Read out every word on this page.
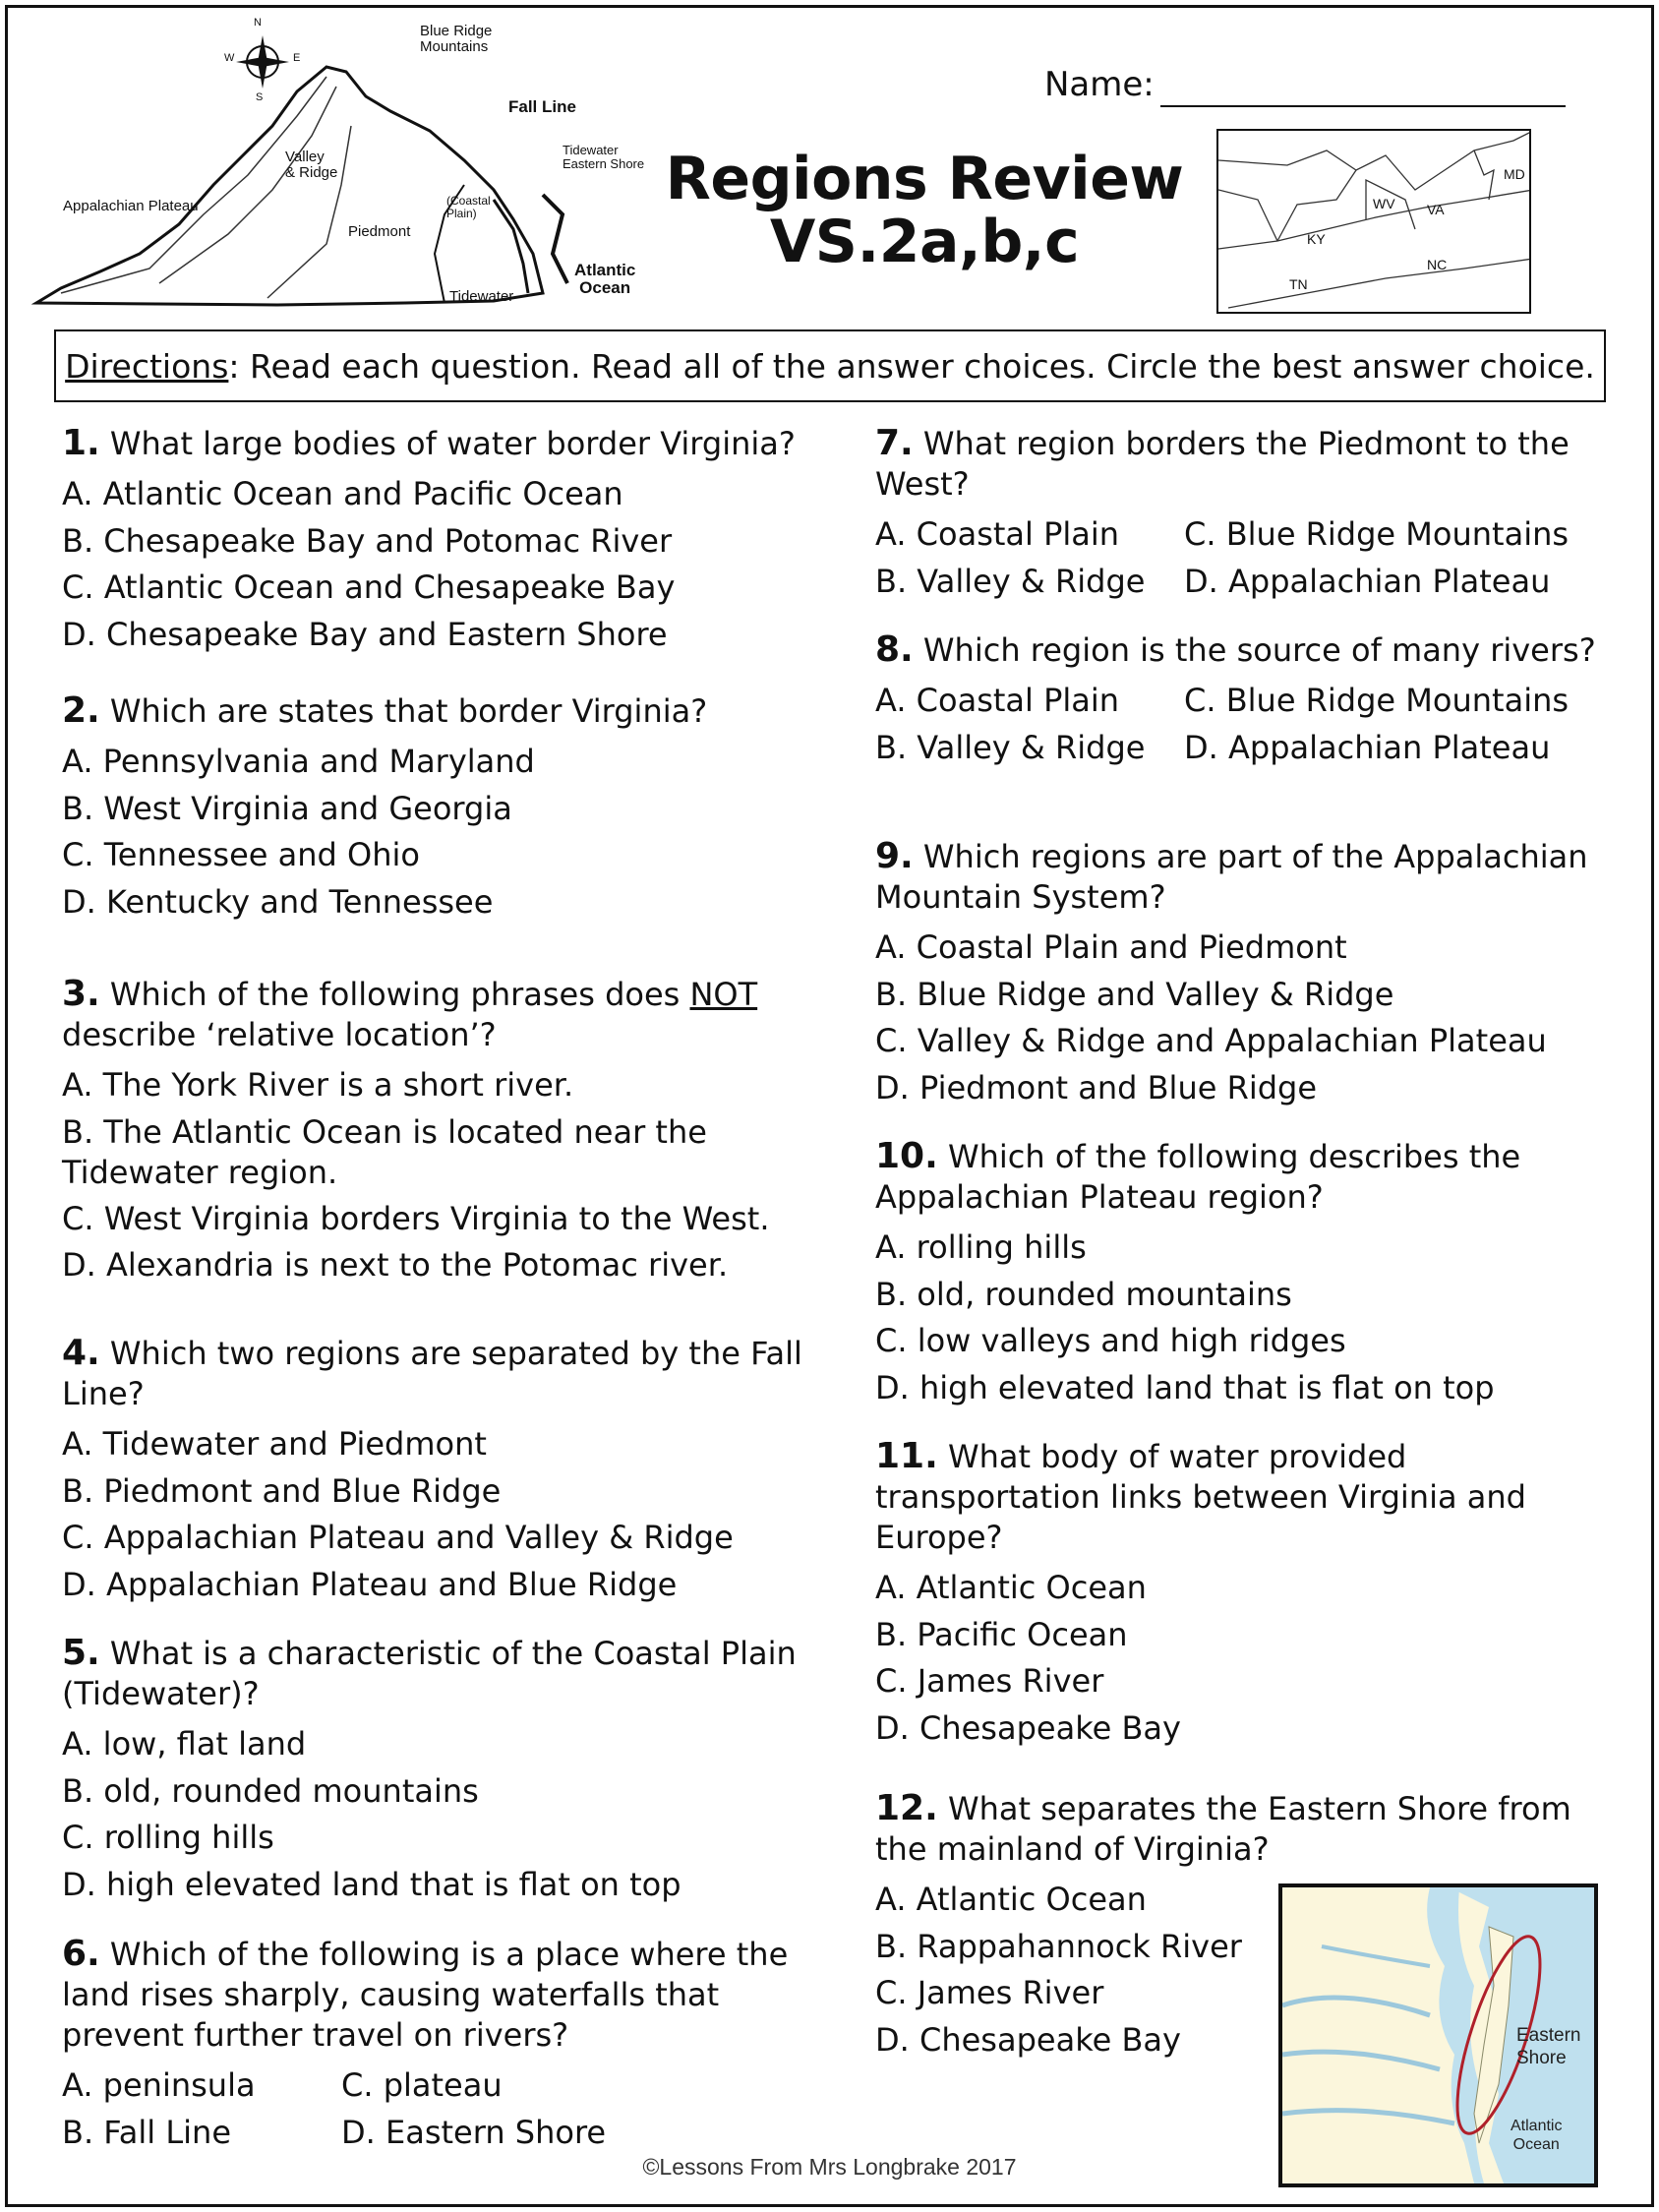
N
S
E
W
Blue Ridge
Mountains
Fall Line
Tidewater
Eastern Shore
Valley
& Ridge
Appalachian Plateau
Piedmont
(Coastal
Plain)
Atlantic
Ocean
Tidewater
Name:
Regions Review
VS.2a,b,c
MD
WV VA
KY
NC
TN
Directions : Read each question. Read all of the answer choices. Circle the best answer choice.
1. What large bodies of water border Virginia?
A. Atlantic Ocean and Pacific Ocean
B. Chesapeake Bay and Potomac River
C. Atlantic Ocean and Chesapeake Bay
D. Chesapeake Bay and Eastern Shore
2. Which are states that border Virginia?
A. Pennsylvania and Maryland
B. West Virginia and Georgia
C. Tennessee and Ohio
D. Kentucky and Tennessee
3. Which of the following phrases does NOT
describe ‘relative location’?
A. The York River is a short river.
B. The Atlantic Ocean is located near the Tidewater region.
C. West Virginia borders Virginia to the West.
D. Alexandria is next to the Potomac river.
4. Which two regions are separated by the Fall Line?
A. Tidewater and Piedmont
B. Piedmont and Blue Ridge
C. Appalachian Plateau and Valley & Ridge
D. Appalachian Plateau and Blue Ridge
5. What is a characteristic of the Coastal Plain (Tidewater)?
A. low, flat land
B. old, rounded mountains
C. rolling hills
D. high elevated land that is flat on top
6. Which of the following is a place where the land rises sharply, causing waterfalls that prevent further travel on rivers?
A. peninsula	C. plateau
B. Fall Line	D. Eastern Shore
7. What region borders the Piedmont to the West?
A. Coastal Plain	C. Blue Ridge Mountains
B. Valley & Ridge	D. Appalachian Plateau
8. Which region is the source of many rivers?
A. Coastal Plain	C. Blue Ridge Mountains
B. Valley & Ridge	D. Appalachian Plateau
9. Which regions are part of the Appalachian Mountain System?
A. Coastal Plain and Piedmont
B. Blue Ridge and Valley & Ridge
C. Valley & Ridge and Appalachian Plateau
D. Piedmont and Blue Ridge
10. Which of the following describes the Appalachian Plateau region?
A. rolling hills
B. old, rounded mountains
C. low valleys and high ridges
D. high elevated land that is flat on top
11. What body of water provided transportation links between Virginia and Europe?
A. Atlantic Ocean
B. Pacific Ocean
C. James River
D. Chesapeake Bay
12. What separates the Eastern Shore from the mainland of Virginia?
A. Atlantic Ocean
B. Rappahannock River
C. James River
D. Chesapeake Bay	Eastern
Shore
Atlantic
Ocean
©Lessons From Mrs Longbrake 2017
